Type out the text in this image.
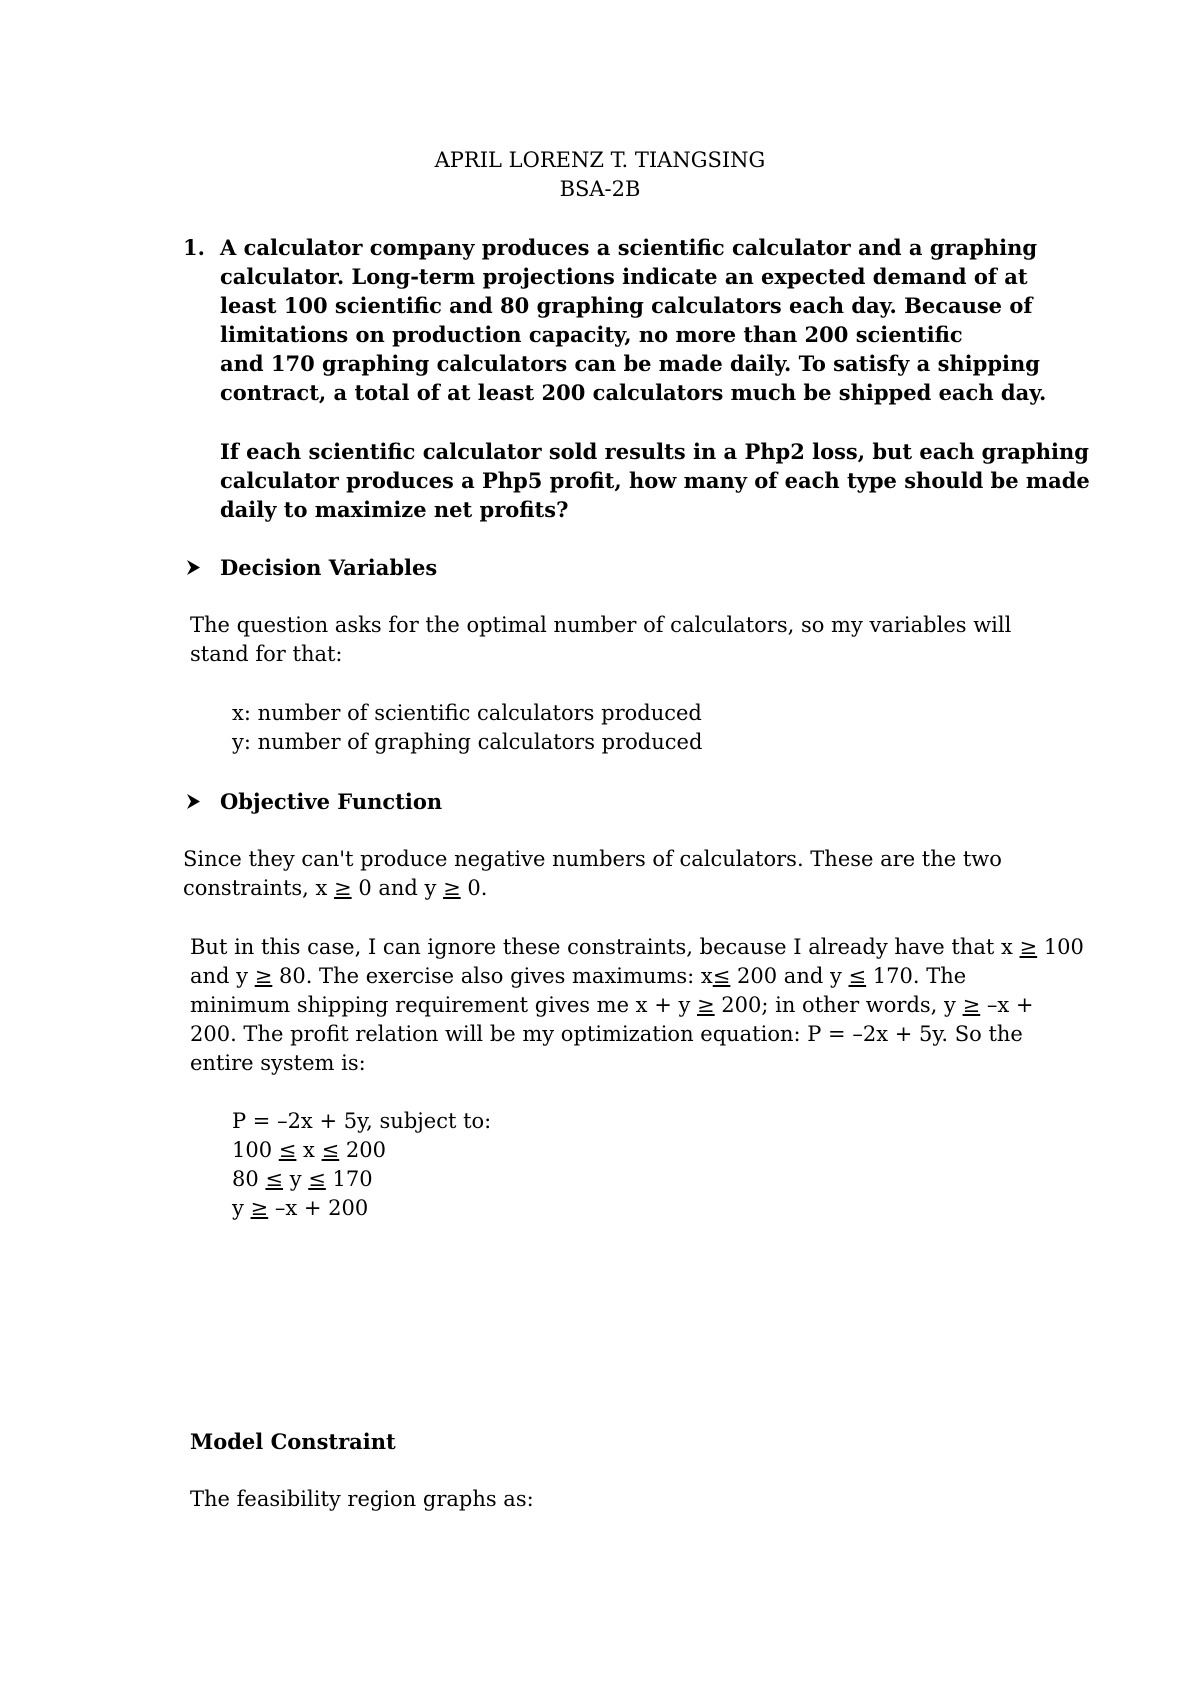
APRIL LORENZ T. TIANGSING
BSA-2B
1. A calculator company produces a scientific calculator and a graphing
calculator. Long-term projections indicate an expected demand of at
least 100 scientific and 80 graphing calculators each day. Because of
limitations on production capacity, no more than 200 scientific
and 170 graphing calculators can be made daily. To satisfy a shipping
contract, a total of at least 200 calculators much be shipped each day.
If each scientific calculator sold results in a Php2 loss, but each graphing
calculator produces a Php5 profit, how many of each type should be made
daily to maximize net profits?
Decision Variables
The question asks for the optimal number of calculators, so my variables will
stand for that:
x: number of scientific calculators produced
y: number of graphing calculators produced
Objective Function
Since they can't produce negative numbers of calculators. These are the two
constraints, x ≥ 0 and y ≥ 0.
But in this case, I can ignore these constraints, because I already have that x ≥ 100
and y ≥ 80. The exercise also gives maximums: x≤ 200 and y ≤ 170. The
minimum shipping requirement gives me x + y ≥ 200; in other words, y ≥ –x +
200. The profit relation will be my optimization equation: P = –2x + 5y. So the
entire system is:
P = –2x + 5y, subject to:
100 ≤ x ≤ 200
80 ≤ y ≤ 170
y ≥ –x + 200
Model Constraint
The feasibility region graphs as:
